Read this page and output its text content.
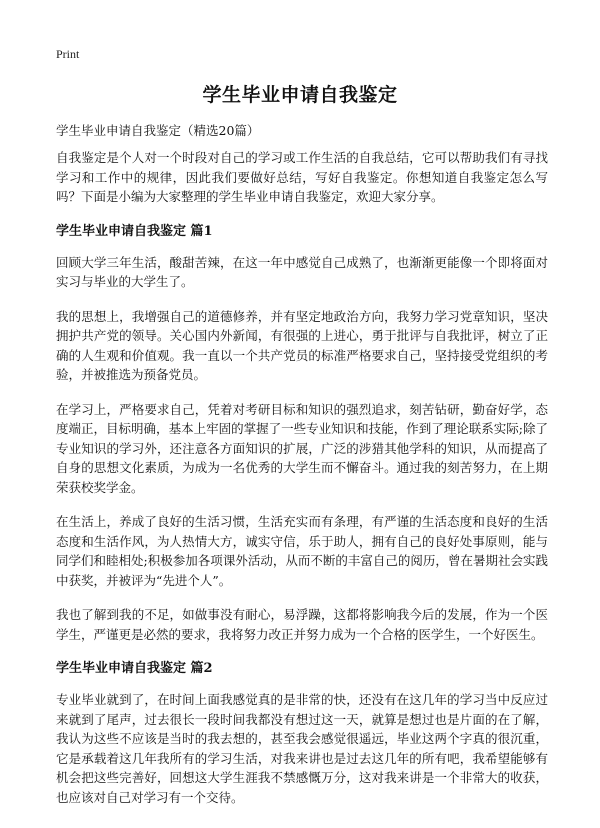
Print
学生毕业申请自我鉴定

学生毕业申请自我鉴定（精选20篇）

自我鉴定是个人对一个时段对自己的学习或工作生活的自我总结，它可以帮助我们有寻找学习和工作中的规律，因此我们要做好总结，写好自我鉴定。你想知道自我鉴定怎么写吗？下面是小编为大家整理的学生毕业申请自我鉴定，欢迎大家分享。

学生毕业申请自我鉴定 篇1

回顾大学三年生活，酸甜苦辣，在这一年中感觉自己成熟了，也渐渐更能像一个即将面对实习与毕业的大学生了。

我的思想上，我增强自己的道德修养，并有坚定地政治方向，我努力学习党章知识，坚决拥护共产党的领导。关心国内外新闻，有很强的上进心，勇于批评与自我批评，树立了正确的人生观和价值观。我一直以一个共产党员的标准严格要求自己，坚持接受党组织的考验，并被推选为预备党员。

在学习上，严格要求自己，凭着对考研目标和知识的强烈追求，刻苦钻研，勤奋好学，态度端正，目标明确，基本上牢固的掌握了一些专业知识和技能，作到了理论联系实际;除了专业知识的学习外，还注意各方面知识的扩展，广泛的涉猎其他学科的知识，从而提高了自身的思想文化素质，为成为一名优秀的大学生而不懈奋斗。通过我的刻苦努力，在上期荣获校奖学金。

在生活上，养成了良好的生活习惯，生活充实而有条理，有严谨的生活态度和良好的生活态度和生活作风，为人热情大方，诚实守信，乐于助人，拥有自己的良好处事原则，能与同学们和睦相处;积极参加各项课外活动，从而不断的丰富自己的阅历，曾在暑期社会实践中获奖，并被评为“先进个人”。

我也了解到我的不足，如做事没有耐心，易浮躁，这都将影响我今后的发展，作为一个医学生，严谨更是必然的要求，我将努力改正并努力成为一个合格的医学生，一个好医生。

学生毕业申请自我鉴定 篇2

专业毕业就到了，在时间上面我感觉真的是非常的快，还没有在这几年的学习当中反应过来就到了尾声，过去很长一段时间我都没有想过这一天，就算是想过也是片面的在了解，我认为这些不应该是当时的我去想的，甚至我会感觉很遥远，毕业这两个字真的很沉重，它是承载着这几年我所有的学习生活，对我来讲也是过去这几年的所有吧，我希望能够有机会把这些完善好，回想这大学生涯我不禁感慨万分，这对我来讲是一个非常大的收获，也应该对自己对学习有一个交待。
